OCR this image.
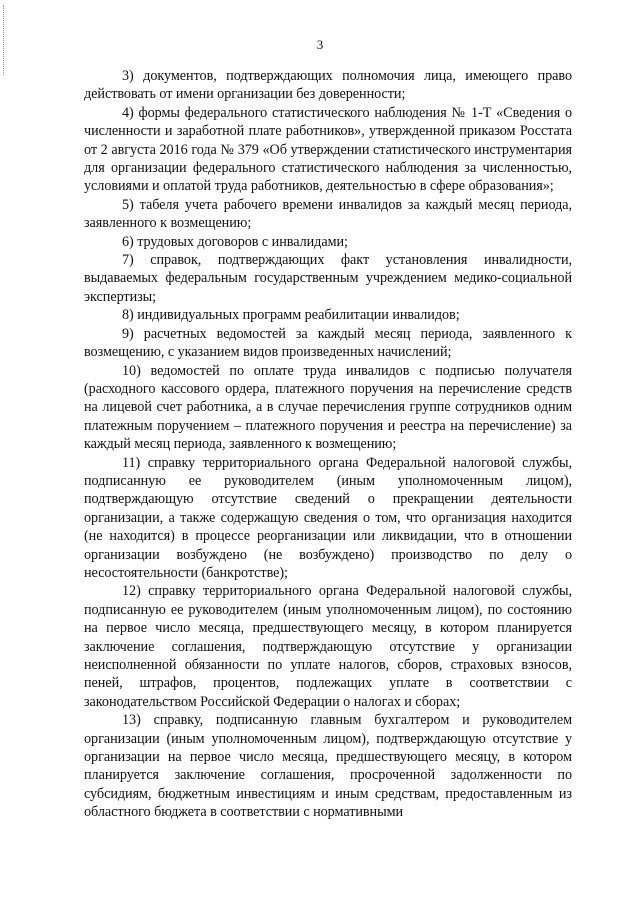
3

3) документов, подтверждающих полномочия лица, имеющего право действовать от имени организации без доверенности;

4) формы федерального статистического наблюдения № 1-Т «Сведения о численности и заработной плате работников», утвержденной приказом Росстата от 2 августа 2016 года № 379 «Об утверждении статистического инструментария для организации федерального статистического наблюдения за численностью, условиями и оплатой труда работников, деятельностью в сфере образования»;

5) табеля учета рабочего времени инвалидов за каждый месяц периода, заявленного к возмещению;

6) трудовых договоров с инвалидами;

7) справок, подтверждающих факт установления инвалидности, выдаваемых федеральным государственным учреждением медико-социальной экспертизы;

8) индивидуальных программ реабилитации инвалидов;

9) расчетных ведомостей за каждый месяц периода, заявленного к возмещению, с указанием видов произведенных начислений;

10) ведомостей по оплате труда инвалидов с подписью получателя (расходного кассового ордера, платежного поручения на перечисление средств на лицевой счет работника, а в случае перечисления группе сотрудников одним платежным поручением – платежного поручения и реестра на перечисление) за каждый месяц периода, заявленного к возмещению;

11) справку территориального органа Федеральной налоговой службы, подписанную ее руководителем (иным уполномоченным лицом), подтверждающую отсутствие сведений о прекращении деятельности организации, а также содержащую сведения о том, что организация находится (не находится) в процессе реорганизации или ликвидации, что в отношении организации возбуждено (не возбуждено) производство по делу о несостоятельности (банкротстве);

12) справку территориального органа Федеральной налоговой службы, подписанную ее руководителем (иным уполномоченным лицом), по состоянию на первое число месяца, предшествующего месяцу, в котором планируется заключение соглашения, подтверждающую отсутствие у организации неисполненной обязанности по уплате налогов, сборов, страховых взносов, пеней, штрафов, процентов, подлежащих уплате в соответствии с законодательством Российской Федерации о налогах и сборах;

13) справку, подписанную главным бухгалтером и руководителем организации (иным уполномоченным лицом), подтверждающую отсутствие у организации на первое число месяца, предшествующего месяцу, в котором планируется заключение соглашения, просроченной задолженности по субсидиям, бюджетным инвестициям и иным средствам, предоставленным из областного бюджета в соответствии с нормативными
